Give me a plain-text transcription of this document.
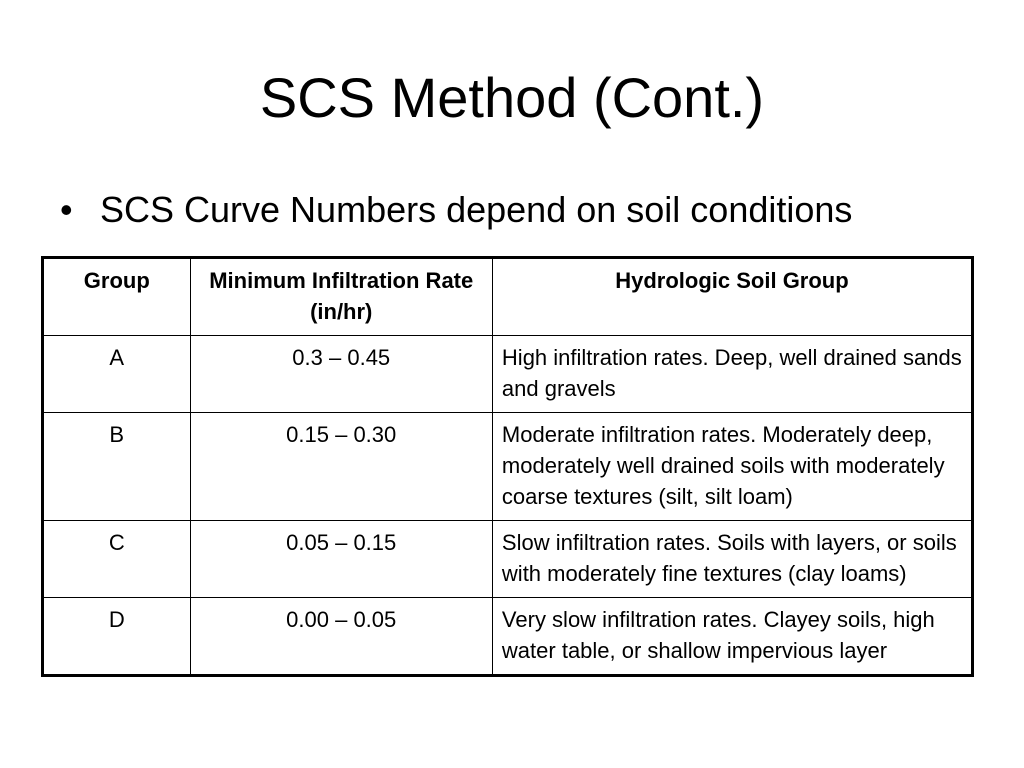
SCS Method (Cont.)
• SCS Curve Numbers depend on soil conditions
Group	Minimum Infiltration Rate (in/hr)	Hydrologic Soil Group
A	0.3 – 0.45	High infiltration rates. Deep, well drained sands and gravels
B	0.15 – 0.30	Moderate infiltration rates. Moderately deep, moderately well drained soils with moderately coarse textures (silt, silt loam)
C	0.05 – 0.15	Slow infiltration rates. Soils with layers, or soils with moderately fine textures (clay loams)
D	0.00 – 0.05	Very slow infiltration rates. Clayey soils, high water table, or shallow impervious layer
